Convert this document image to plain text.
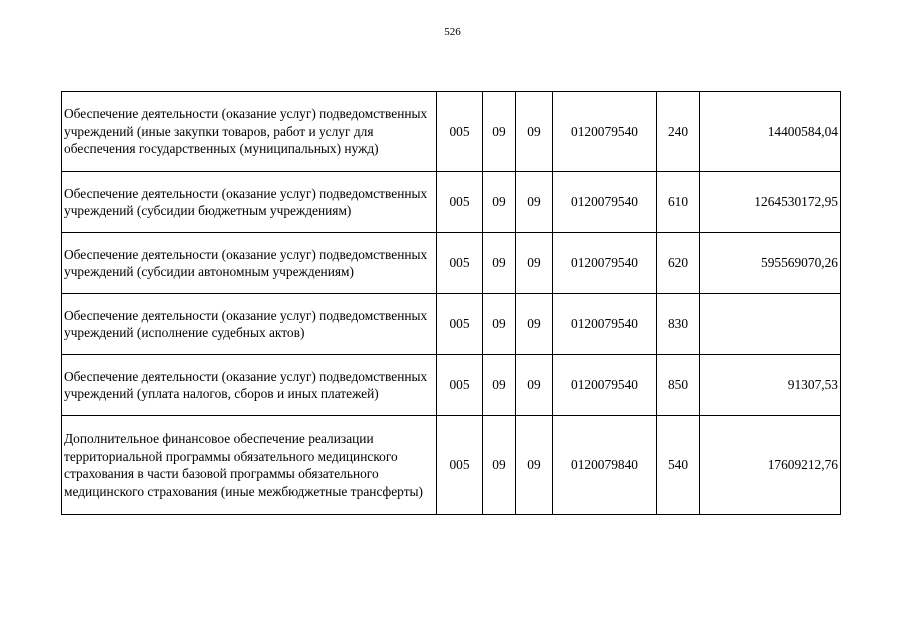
526
Обеспечение деятельности (оказание услуг) подведомственных учреждений (иные закупки товаров, работ и услуг для обеспечения государственных (муниципальных) нужд)	005	09	09	0120079540	240	14400584,04
Обеспечение деятельности (оказание услуг) подведомственных учреждений (субсидии бюджетным учреждениям)	005	09	09	0120079540	610	1264530172,95
Обеспечение деятельности (оказание услуг) подведомственных учреждений (субсидии автономным учреждениям)	005	09	09	0120079540	620	595569070,26
Обеспечение деятельности (оказание услуг) подведомственных учреждений (исполнение судебных актов)	005	09	09	0120079540	830	
Обеспечение деятельности (оказание услуг) подведомственных учреждений (уплата налогов, сборов и иных платежей)	005	09	09	0120079540	850	91307,53
Дополнительное финансовое обеспечение реализации территориальной программы обязательного медицинского страхования в части базовой программы обязательного медицинского страхования (иные межбюджетные трансферты)	005	09	09	0120079840	540	17609212,76
